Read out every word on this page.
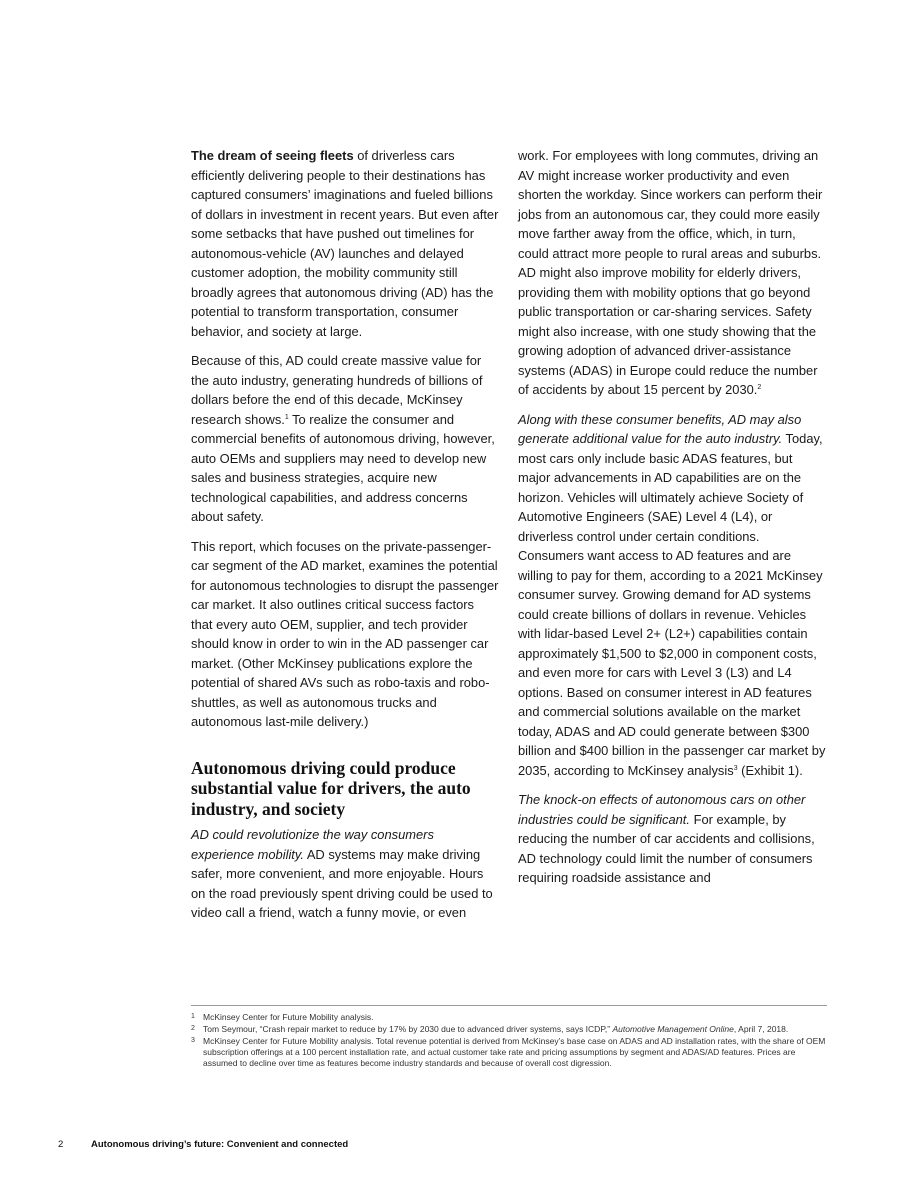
The dream of seeing fleets of driverless cars efficiently delivering people to their destinations has captured consumers’ imaginations and fueled billions of dollars in investment in recent years. But even after some setbacks that have pushed out timelines for autonomous-vehicle (AV) launches and delayed customer adoption, the mobility community still broadly agrees that autonomous driving (AD) has the potential to transform transportation, consumer behavior, and society at large.

Because of this, AD could create massive value for the auto industry, generating hundreds of billions of dollars before the end of this decade, McKinsey research shows.$^1$ To realize the consumer and commercial benefits of autonomous driving, however, auto OEMs and suppliers may need to develop new sales and business strategies, acquire new technological capabilities, and address concerns about safety.

This report, which focuses on the private-passenger-car segment of the AD market, examines the potential for autonomous technologies to disrupt the passenger car market. It also outlines critical success factors that every auto OEM, supplier, and tech provider should know in order to win in the AD passenger car market. (Other McKinsey publications explore the potential of shared AVs such as robo-taxis and robo-shuttles, as well as autonomous trucks and autonomous last-mile delivery.)

Autonomous driving could produce substantial value for drivers, the auto industry, and society

AD could revolutionize the way consumers experience mobility. AD systems may make driving safer, more convenient, and more enjoyable. Hours on the road previously spent driving could be used to video call a friend, watch a funny movie, or even

work. For employees with long commutes, driving an AV might increase worker productivity and even shorten the workday. Since workers can perform their jobs from an autonomous car, they could more easily move farther away from the office, which, in turn, could attract more people to rural areas and suburbs. AD might also improve mobility for elderly drivers, providing them with mobility options that go beyond public transportation or car-sharing services. Safety might also increase, with one study showing that the growing adoption of advanced driver-assistance systems (ADAS) in Europe could reduce the number of accidents by about 15 percent by 2030.$^2$

Along with these consumer benefits, AD may also generate additional value for the auto industry. Today, most cars only include basic ADAS features, but major advancements in AD capabilities are on the horizon. Vehicles will ultimately achieve Society of Automotive Engineers (SAE) Level 4 (L4), or driverless control under certain conditions. Consumers want access to AD features and are willing to pay for them, according to a 2021 McKinsey consumer survey. Growing demand for AD systems could create billions of dollars in revenue. Vehicles with lidar-based Level 2+ (L2+) capabilities contain approximately $1,500 to $2,000 in component costs, and even more for cars with Level 3 (L3) and L4 options. Based on consumer interest in AD features and commercial solutions available on the market today, ADAS and AD could generate between $300 billion and $400 billion in the passenger car market by 2035, according to McKinsey analysis$^3$ (Exhibit 1).

The knock-on effects of autonomous cars on other industries could be significant. For example, by reducing the number of car accidents and collisions, AD technology could limit the number of consumers requiring roadside assistance and

1 McKinsey Center for Future Mobility analysis.
2 Tom Seymour, “Crash repair market to reduce by 17% by 2030 due to advanced driver systems, says ICDP,” Automotive Management Online, April 7, 2018.
3 McKinsey Center for Future Mobility analysis. Total revenue potential is derived from McKinsey’s base case on ADAS and AD installation rates, with the share of OEM subscription offerings at a 100 percent installation rate, and actual customer take rate and pricing assumptions by segment and ADAS/AD features. Prices are assumed to decline over time as features become industry standards and because of overall cost digression.
2	Autonomous driving’s future: Convenient and connected
